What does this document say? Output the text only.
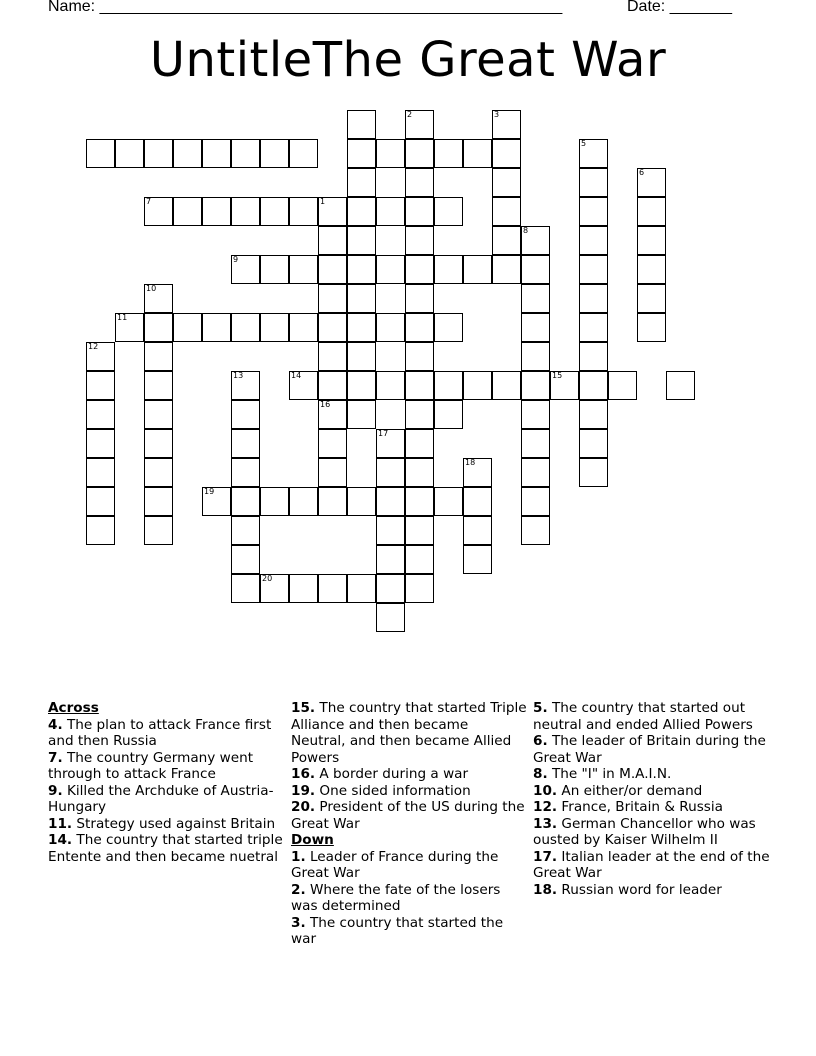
Name: ____________________________________________________	Date: _______
UntitleThe Great War
1
16
2	3
5
6
8
10
12
13
17
18
7
9
11
14	15
19
20

Across

4. The plan to attack France first and then Russia

7. The country Germany went through to attack France

9. Killed the Archduke of Austria-Hungary

11. Strategy used against Britain

14. The country that started triple Entente and then became nuetral

15. The country that started Triple Alliance and then became Neutral, and then became Allied Powers

16. A border during a war

19. One sided information

20. President of the US during the Great War

Down

1. Leader of France during the Great War

2. Where the fate of the losers was determined

3. The country that started the war

5. The country that started out neutral and ended Allied Powers

6. The leader of Britain during the Great War

8. The "I" in M.A.I.N.

10. An either/or demand

12. France, Britain & Russia

13. German Chancellor who was ousted by Kaiser Wilhelm II

17. Italian leader at the end of the Great War

18. Russian word for leader
